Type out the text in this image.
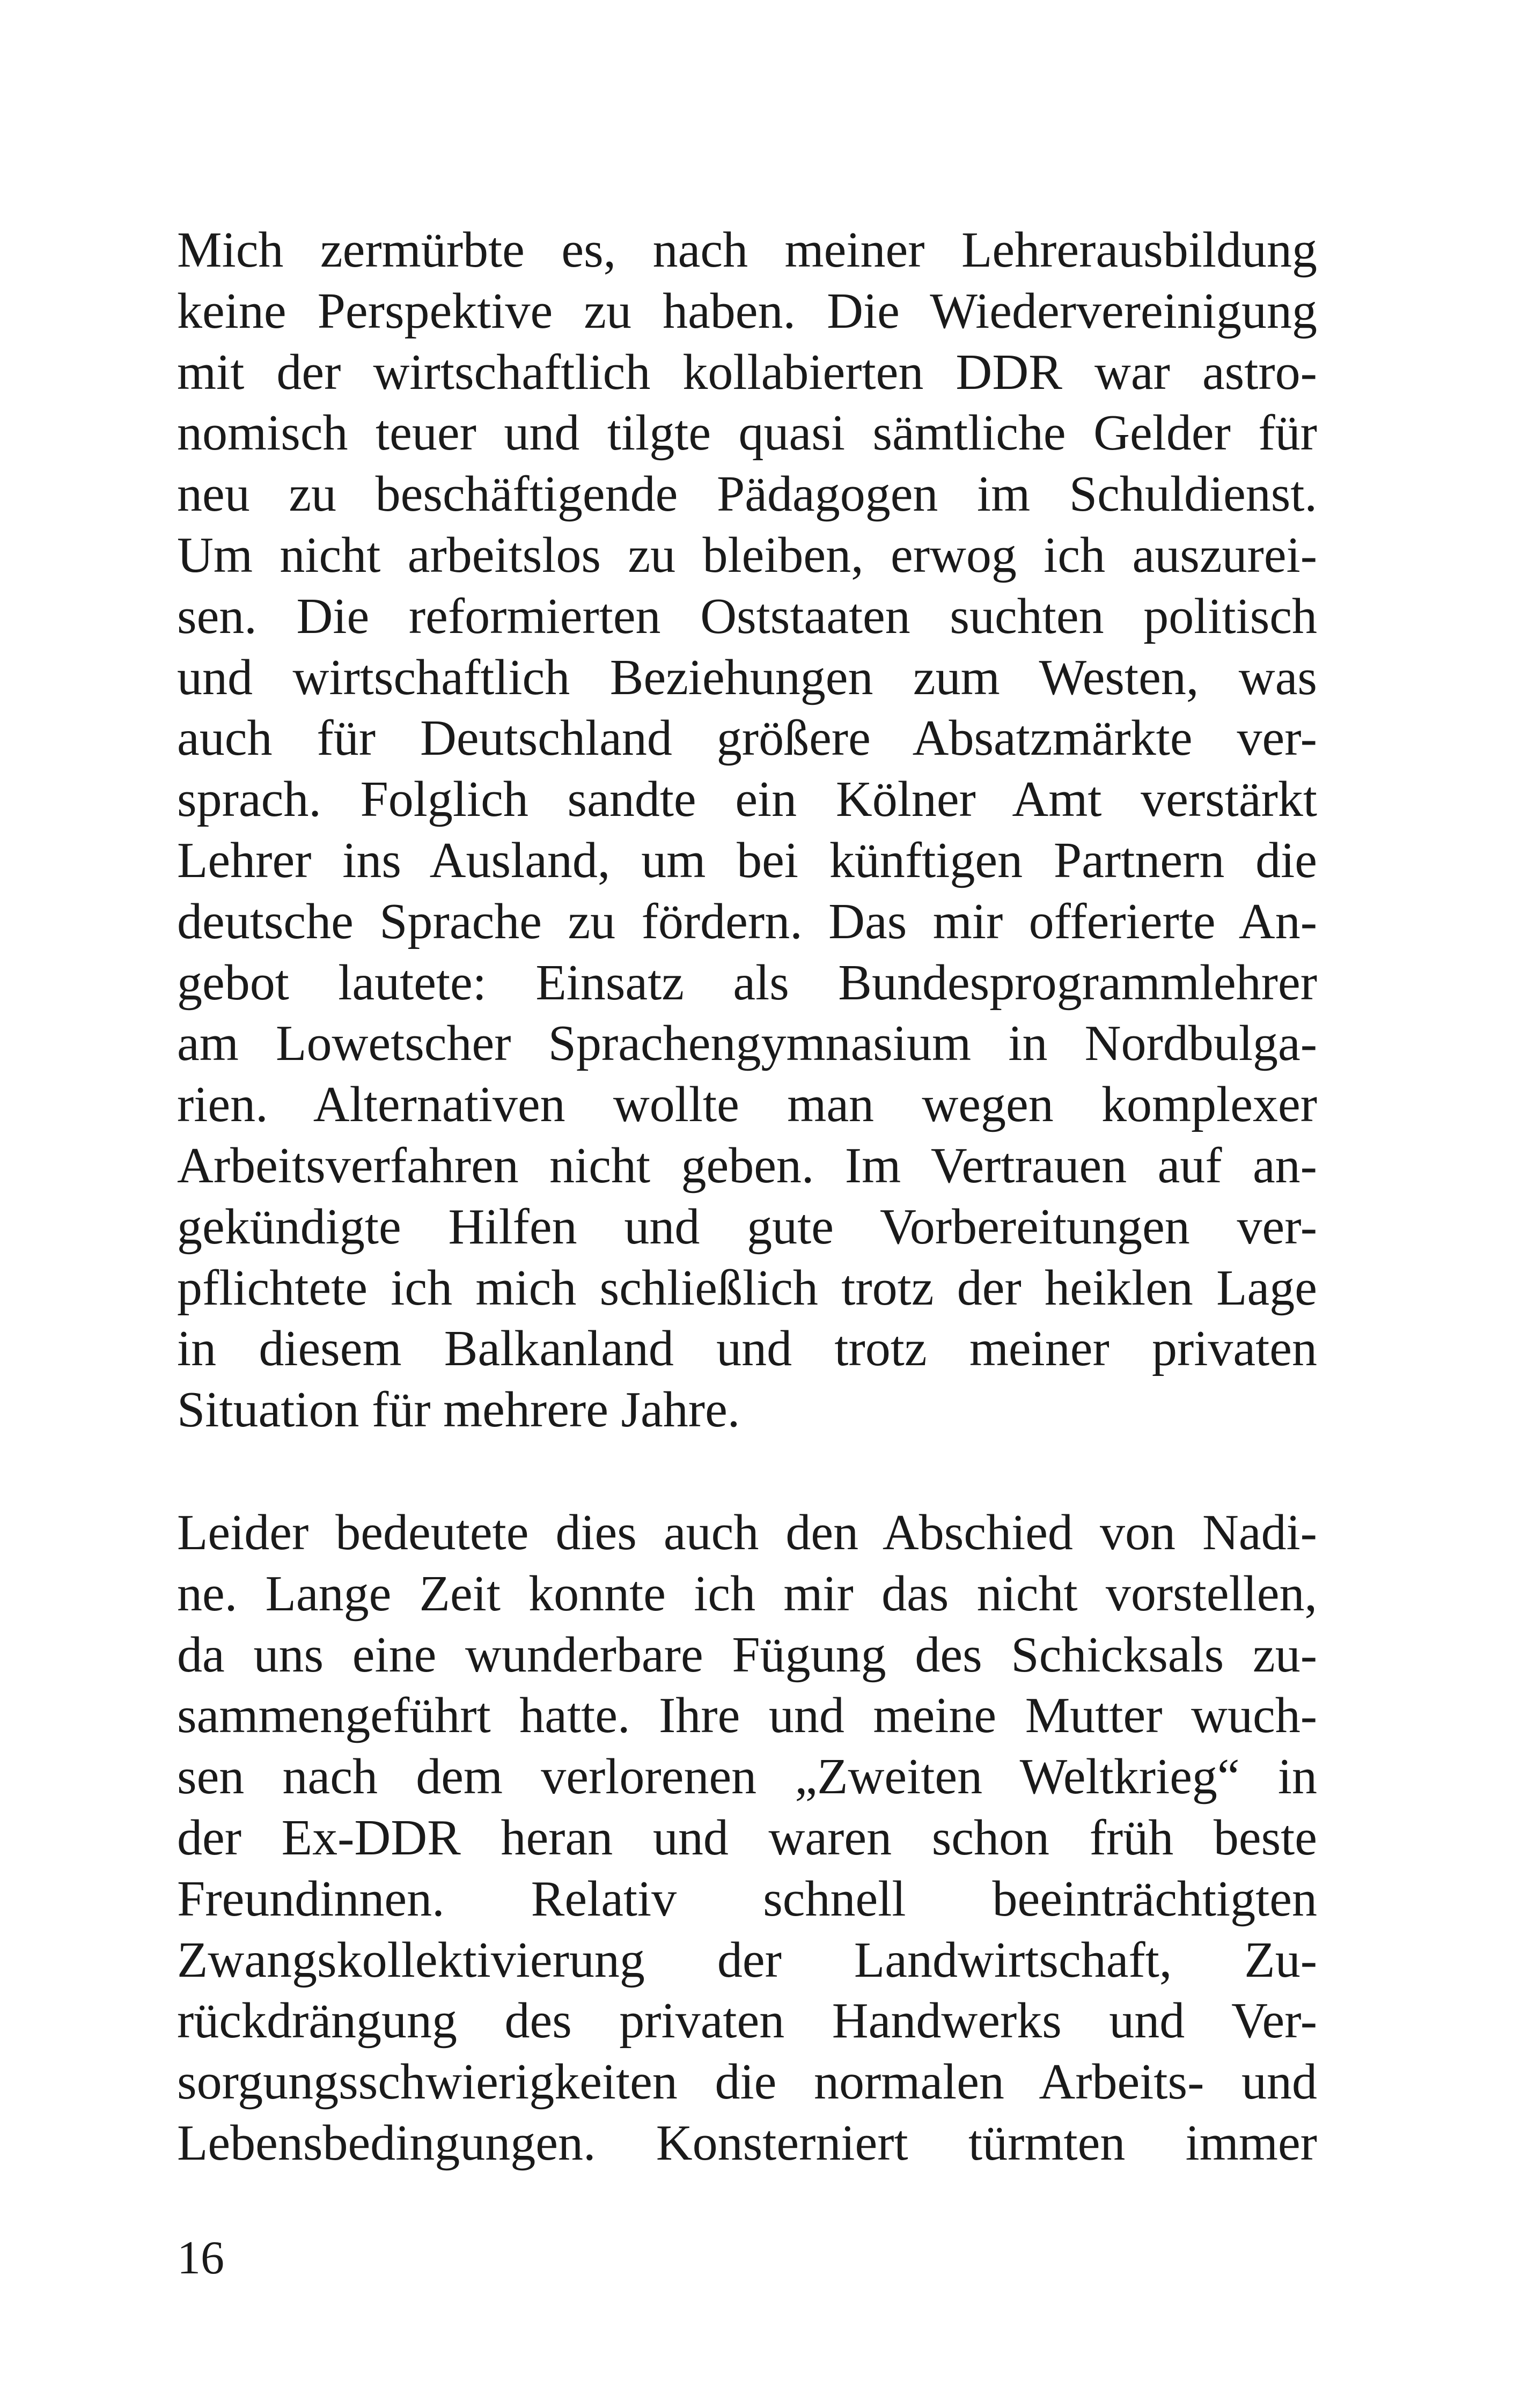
Mich zermürbte es, nach meiner Lehrerausbildung
keine Perspektive zu haben. Die Wiedervereinigung
mit der wirtschaftlich kollabierten DDR war astro-
nomisch teuer und tilgte quasi sämtliche Gelder für
neu zu beschäftigende Pädagogen im Schuldienst.
Um nicht arbeitslos zu bleiben, erwog ich auszurei-
sen. Die reformierten Oststaaten suchten politisch
und wirtschaftlich Beziehungen zum Westen, was
auch für Deutschland größere Absatzmärkte ver-
sprach. Folglich sandte ein Kölner Amt verstärkt
Lehrer ins Ausland, um bei künftigen Partnern die
deutsche Sprache zu fördern. Das mir offerierte An-
gebot lautete: Einsatz als Bundesprogrammlehrer
am Lowetscher Sprachengymnasium in Nordbulga-
rien. Alternativen wollte man wegen komplexer
Arbeitsverfahren nicht geben. Im Vertrauen auf an-
gekündigte Hilfen und gute Vorbereitungen ver-
pflichtete ich mich schließlich trotz der heiklen Lage
in diesem Balkanland und trotz meiner privaten
Situation für mehrere Jahre.
Leider bedeutete dies auch den Abschied von Nadi-
ne. Lange Zeit konnte ich mir das nicht vorstellen,
da uns eine wunderbare Fügung des Schicksals zu-
sammengeführt hatte. Ihre und meine Mutter wuch-
sen nach dem verlorenen „Zweiten Weltkrieg“ in
der Ex-DDR heran und waren schon früh beste
Freundinnen. Relativ schnell beeinträchtigten
Zwangskollektivierung der Landwirtschaft, Zu-
rückdrängung des privaten Handwerks und Ver-
sorgungsschwierigkeiten die normalen Arbeits- und
Lebensbedingungen. Konsterniert türmten immer
16
